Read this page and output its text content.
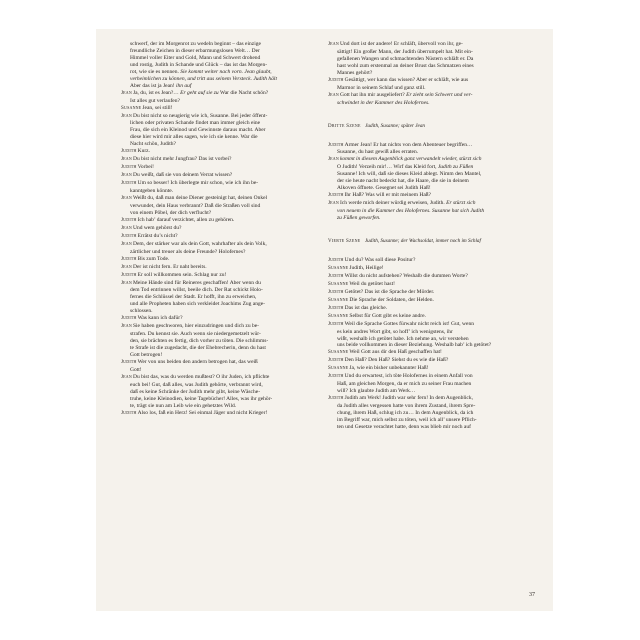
schwerf, der im Morgenrot zu wedeln beginnt – das einzige
freundliche Zeichen in dieser erbarmungslosen Welt… Der
Himmel voller Eiter und Gold, Mann und Schwert drohend
und rostig, Judith in Schande und Glück – das ist das Morgen-
rot, wie sie es nennen. Sie kommt weiter nach vorn. Jean glaubt,
verheimlichen zu können, und tritt aus seinem Versteck. Judith hält
Aber das ist ja Jean! ihn auf
JeanJa, du, ist es Jean?… Er geht auf sie zu War die Nacht schön?
Ist alles gut verlaufen?
SusanneJean, sei still!
JeanDu bist nicht so neugierig wie ich, Susanne. Bei jeder öffent-
lichen oder privaten Schande findet man immer gleich eine
Frau, die sich ein Kleinod und Gewinnste daraus macht. Aber
diese hier wird mir alles sagen, wie ich sie kenne. War die
Nacht schön, Judith?
JudithKurz.
JeanDu bist nicht mehr Jungfrau? Das ist vorbei?
JudithVorbei!
JeanDu weißt, daß sie von deinem Verrat wissen?
JudithUm so besser! Ich überlegte mir schon, wie ich ihn be-
kanntgeben könnte.
JeanWeißt du, daß man deine Diener gesteinigt hat, deinen Onkel
verwundet, dein Haus verbrannt? Daß die Straßen voll sind
von einem Pöbel, der dich verflucht?
JudithIch hab’ darauf verzichtet, allen zu gehören.
JeanUnd wem gehörst du?
JudithErrätst du’s nicht?
JeanDem, der stärker war als dein Gott, wahrhafter als dein Volk,
zärtlicher und treuer als deine Freunde? Holofernes?
JudithBis zum Tode.
JeanDer ist nicht fern. Er naht bereits.
JudithEr soll willkommen sein. Schlag nur zu!
JeanMeine Hände sind für Reineres geschaffen! Aber wenn du
dem Tod entrinnen willst, beeile dich. Der Rat schickt Holo-
fernes die Schlüssel der Stadt. Er hofft, ihn zu erweichen,
und alle Propheten haben sich verkleidet Joachims Zug ange-
schlossen.
JudithWas kann ich dafür?
JeanSie haben geschworen, hier einzudringen und dich zu be-
strafen. Du kennst sie. Auch wenn sie niedergemetzelt wür-
den, sie brächten es fertig, dich vorher zu töten. Die schlimms-
te Strafe ist die zugedacht, die der Ehebrecherin, denn du hast
Gott betrogen!
JudithWer von uns beiden den andern betrogen hat, das weiß
Gott!
JeanDu bist das, was du werden mußtest? O ihr Juden, ich pflichte
euch bei! Gut, daß alles, was Judith gehörte, verbrannt wird,
daß es keine Schränke der Judith mehr gibt, keine Wäsche-
truhe, keine Kleinodien, keine Tagebücher! Alles, was ihr gehör-
te, trägt sie nun am Leib wie ein gehetztes Wild.
JudithAlso los, faß ein Herz! Sei einmal Jäger und nicht Krieger!
JeanUnd dort ist der andere! Er schläft, übervoll von ihr, ge-
sättigt! Ein großer Mann, der Judith überrumpelt hat. Mit ein-
gefallenen Wangen und schmachtenden Nüstern schläft er. Da
hast wohl zum erstenmal an deiner Brust das Schmatzen eines
Mannes gehört?
JudithGesättigt, wer kann das wissen? Aber er schläft, wie aus
Marmor in seinem Schlaf und ganz still.
JeanGott hat ihn mir ausgeliefert? Er zieht sein Schwert und ver-
schwindet in der Kammer des Holofernes.
Dritte Szene Judith, Susanne; später Jean
JudithArmer Jean! Er hat nichts von dem Abenteuer begriffen…
Susanne, du hast gewiß alles erraten.
Jeankommt in diesem Augenblick ganz verwandelt wieder, stürzt sich
O Judith! Verzeih mir!… Wirf das Kleid fort, Judith zu Füßen
Susanne! Ich will, daß sie dieses Kleid ablegt. Nimm den Mantel,
der sie heute nacht bedeckt hat, die Haare, die sie in deinem
Alkoven öffnete. Gesegnet sei Judith Haß!
JudithIhr Haß? Was will er mit meinem Haß?
JeanIch werde mich deiner würdig erweisen, Judith. Er stürzt sich
von neuem in die Kammer des Holofernes. Susanne hat sich Judith
zu Füßen geworfen.
Vierte Szene Judith, Susanne; der Wachsoldat, immer noch im Schlaf
JudithUnd du? Was soll diese Positur?
SusanneJudith, Heilige!
JudithWillst du nicht aufstehen? Weshalb die dummen Worte?
SusanneWeil du getötet hast!
JudithGetötet? Das ist die Sprache der Mörder.
SusanneDie Sprache der Soldaten, der Helden.
JudithDas ist das gleiche.
SusanneSelbst für Gott gibt es keine andre.
JudithWeil die Sprache Gottes fürwahr nicht reich ist! Gut, wenn
es kein andres Wort gibt, so hoff’ ich wenigstens, ihr
wißt, weshalb ich getötet habe. Ich nehme an, wir verstehen
uns beide vollkommen in dieser Beziehung. Weshalb hab’ ich getötet?
SusanneWeil Gott aus dir den Haß geschaffen hat!
JudithDen Haß? Den Haß? Siehst du es wie die Haß?
SusanneJa, wie ein bisher unbekannter Haß!
JudithUnd du erwartest, ich töte Holofernes in einem Anfall von
Haß, am gleichen Morgen, da er mich zu seiner Frau machen
will? Ich glaubte Judith am Werk…
JudithJudith am Werk! Judith war sehr fern! In dem Augenblick,
da Judith alles vergessen hatte von ihrem Zustand, ihrem Spre-
chung, ihrem Haß, schlug ich zu… In dem Augenblick, da ich
im Begriff war, mich selbst zu töten, weil ich all’ unsere Pflich-
ten und Gesetze verachtet hatte, denn was blieb mir noch auf
37
